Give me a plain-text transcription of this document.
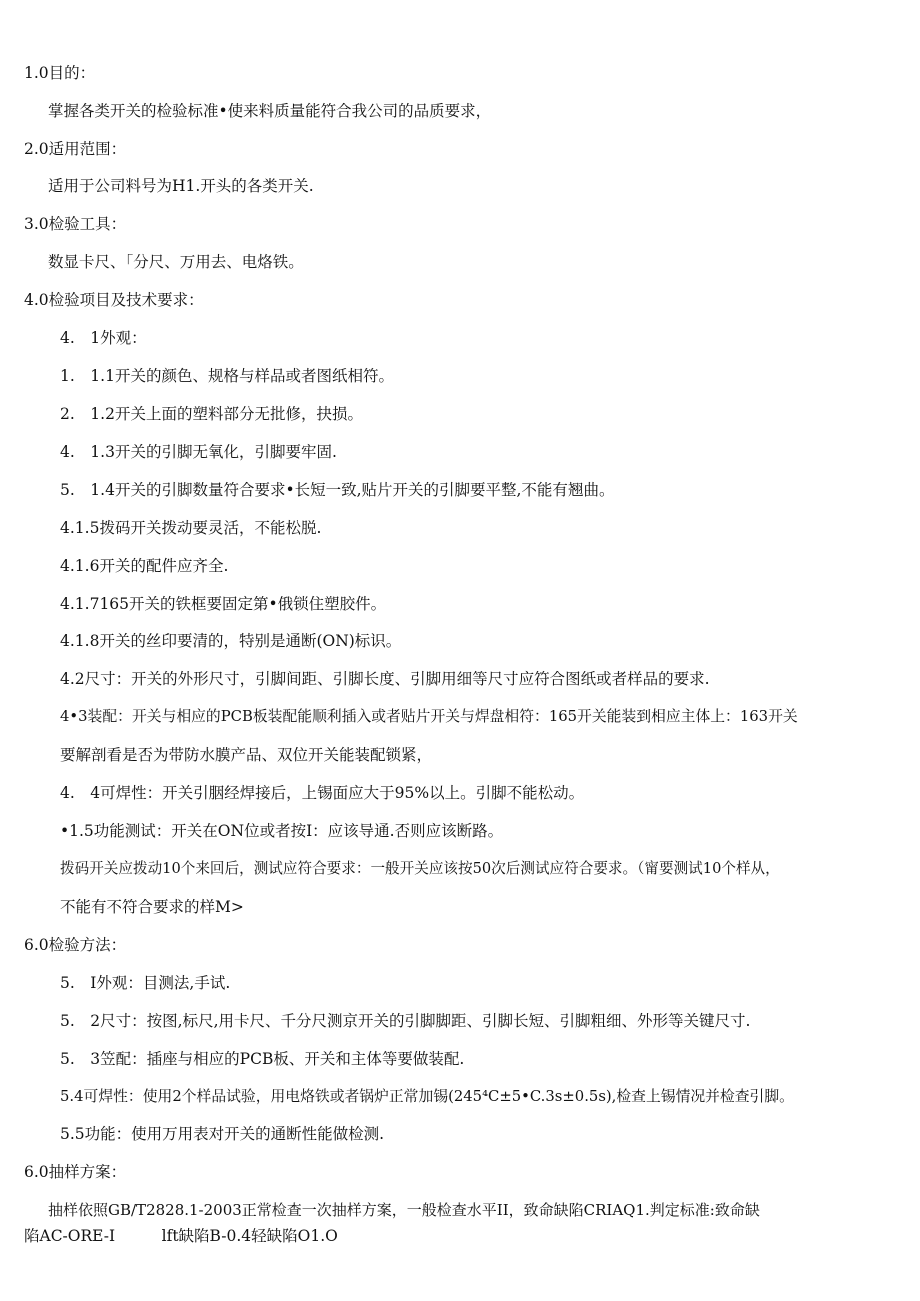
1.0目的：
掌握各类开关的检验标准•使来料质量能符合我公司的品质要求，
2.0适用范围：
适用于公司料号为H1.开头的各类开关.
3.0检验工具：
数显卡尺、「分尺、万用去、电烙铁。
4.0检验项目及技术要求：
4.　1外观：
1.　1.1开关的颜色、规格与样品或者图纸相符。
2.　1.2开关上面的塑料部分无批修，抉损。
4.　1.3开关的引脚无氧化，引脚要牢固.
5.　1.4开关的引脚数量符合要求•长短一致,贴片开关的引脚要平整,不能有翘曲。
4.1.5拨码开关拨动要灵活，不能松脱.
4.1.6开关的配件应齐全.
4.1.7165开关的铁框要固定第•俄锁住塑胶件。
4.1.8开关的丝印要清的，特别是通断(ON)标识。
4.2尺寸：开关的外形尺寸，引脚间距、引脚长度、引脚用细等尺寸应符合图纸或者样品的要求.
4•3装配：开关与相应的PCB板装配能顺利插入或者贴片开关与焊盘相符：165开关能装到相应主体上：163开关
要解剖看是否为带防水膜产品、双位开关能装配锁紧，
4.　4可焊性：开关引胭经焊接后，上锡面应大于95%以上。引脚不能松动。
•1.5功能测试：开关在ON位或者按I：应该导通.否则应该断路。
拨码开关应拨动10个来回后，测试应符合要求：一般开关应该按50次后测试应符合要求。（甯要测试10个样从，
不能有不符合要求的样M>
6.0检验方法：
5.　I外观：目测法,手试.
5.　2尺寸：按图,标尺,用卡尺、千分尺测京开关的引脚脚距、引脚长短、引脚粗细、外形等关键尺寸.
5.　3笠配：插座与相应的PCB板、开关和主体等要做装配.
5.4可焊性：使用2个样品试验，用电烙铁或者锅炉正常加锡(245⁴C±5•C.3s±0.5s),检查上锡情况并检查引脚。
5.5功能：使用万用表对开关的通断性能做检测.
6.0抽样方案：
抽样依照GB/T2828.1-2003正常检查一次抽样方案，一般检查水平II，致命缺陷CRIAQ1.判定标准:致命缺
陷AC-ORE-I　　　lft缺陷B-0.4轻缺陷O1.O
